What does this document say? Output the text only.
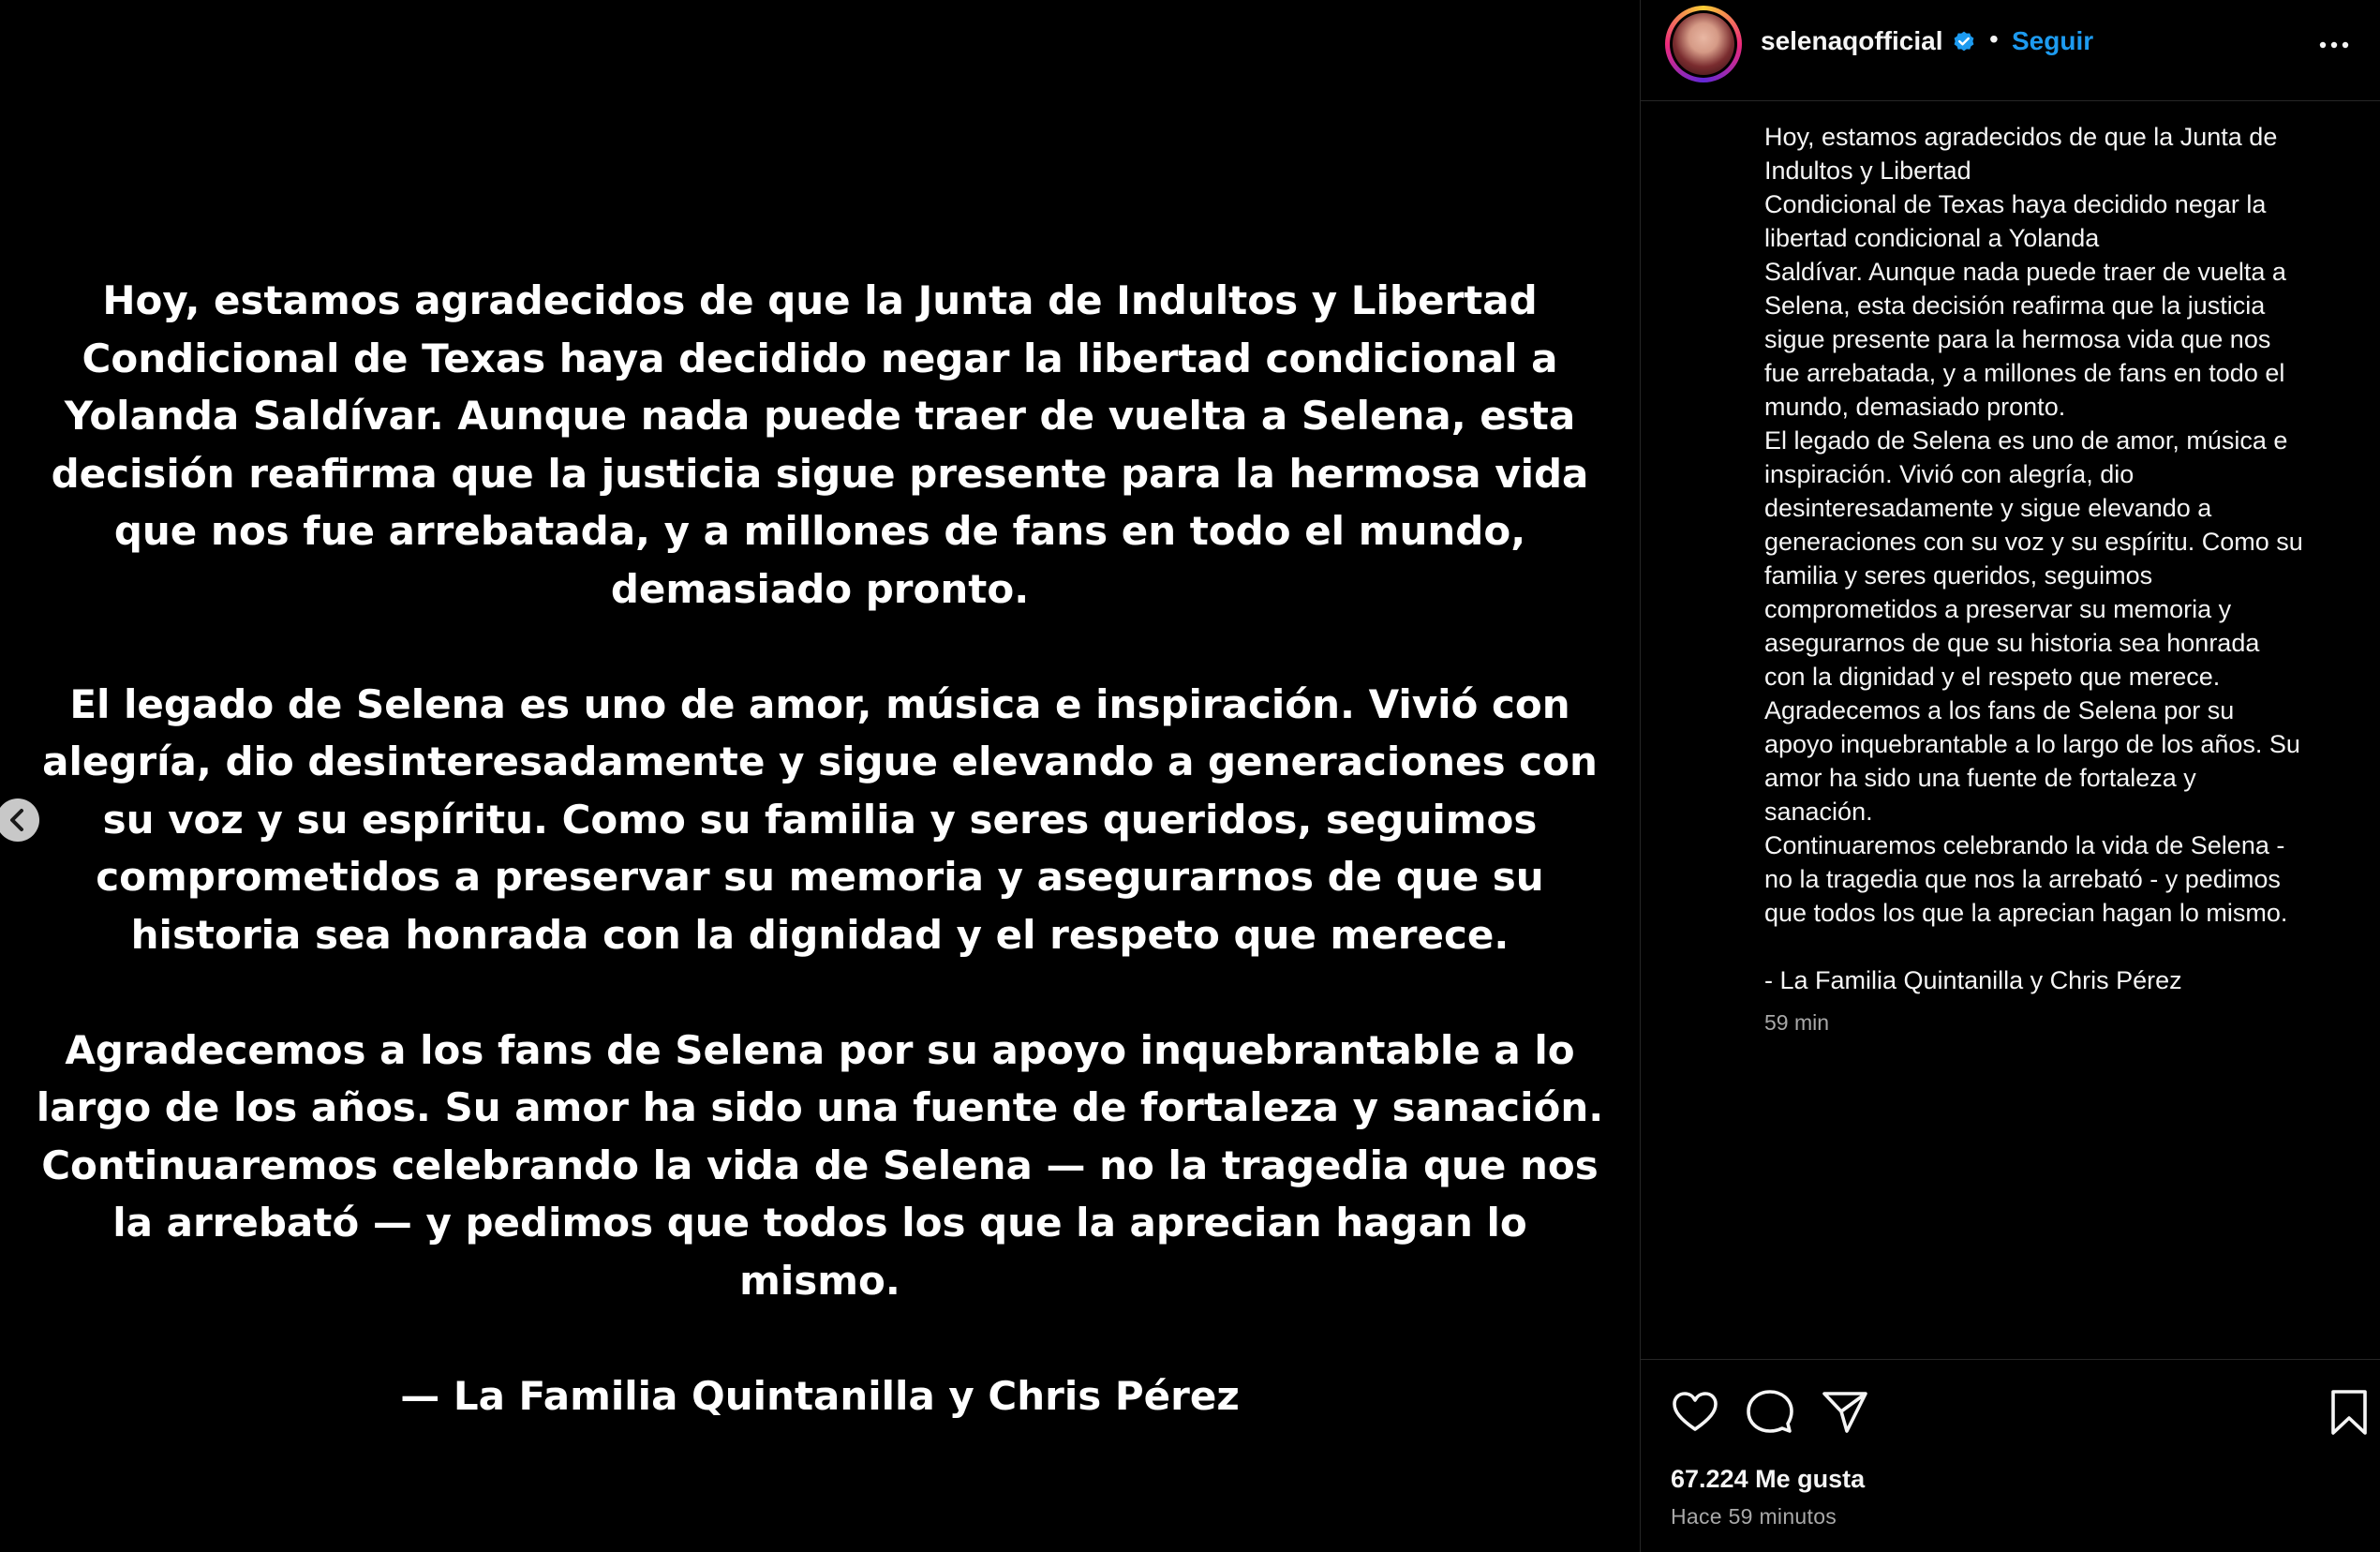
Hoy, estamos agradecidos de que la Junta de Indultos y Libertad Condicional de Texas haya decidido negar la libertad condicional a Yolanda Saldívar. Aunque nada puede traer de vuelta a Selena, esta decisión reafirma que la justicia sigue presente para la hermosa vida que nos fue arrebatada, y a millones de fans en todo el mundo, demasiado pronto.

El legado de Selena es uno de amor, música e inspiración. Vivió con alegría, dio desinteresadamente y sigue elevando a generaciones con su voz y su espíritu. Como su familia y seres queridos, seguimos comprometidos a preservar su memoria y asegurarnos de que su historia sea honrada con la dignidad y el respeto que merece.

Agradecemos a los fans de Selena por su apoyo inquebrantable a lo largo de los años. Su amor ha sido una fuente de fortaleza y sanación. Continuaremos celebrando la vida de Selena — no la tragedia que nos la arrebató — y pedimos que todos los que la aprecian hagan lo mismo.

— La Familia Quintanilla y Chris Pérez

selenaqofficial • Seguir
Hoy, estamos agradecidos de que la Junta de
Indultos y Libertad
Condicional de Texas haya decidido negar la
libertad condicional a Yolanda
Saldívar. Aunque nada puede traer de vuelta a
Selena, esta decisión reafirma que la justicia
sigue presente para la hermosa vida que nos
fue arrebatada, y a millones de fans en todo el
mundo, demasiado pronto.
El legado de Selena es uno de amor, música e
inspiración. Vivió con alegría, dio
desinteresadamente y sigue elevando a
generaciones con su voz y su espíritu. Como su
familia y seres queridos, seguimos
comprometidos a preservar su memoria y
asegurarnos de que su historia sea honrada
con la dignidad y el respeto que merece.
Agradecemos a los fans de Selena por su
apoyo inquebrantable a lo largo de los años. Su
amor ha sido una fuente de fortaleza y
sanación.
Continuaremos celebrando la vida de Selena -
no la tragedia que nos la arrebató - y pedimos
que todos los que la aprecian hagan lo mismo.
- La Familia Quintanilla y Chris Pérez
59 min
67.224 Me gusta
Hace 59 minutos
